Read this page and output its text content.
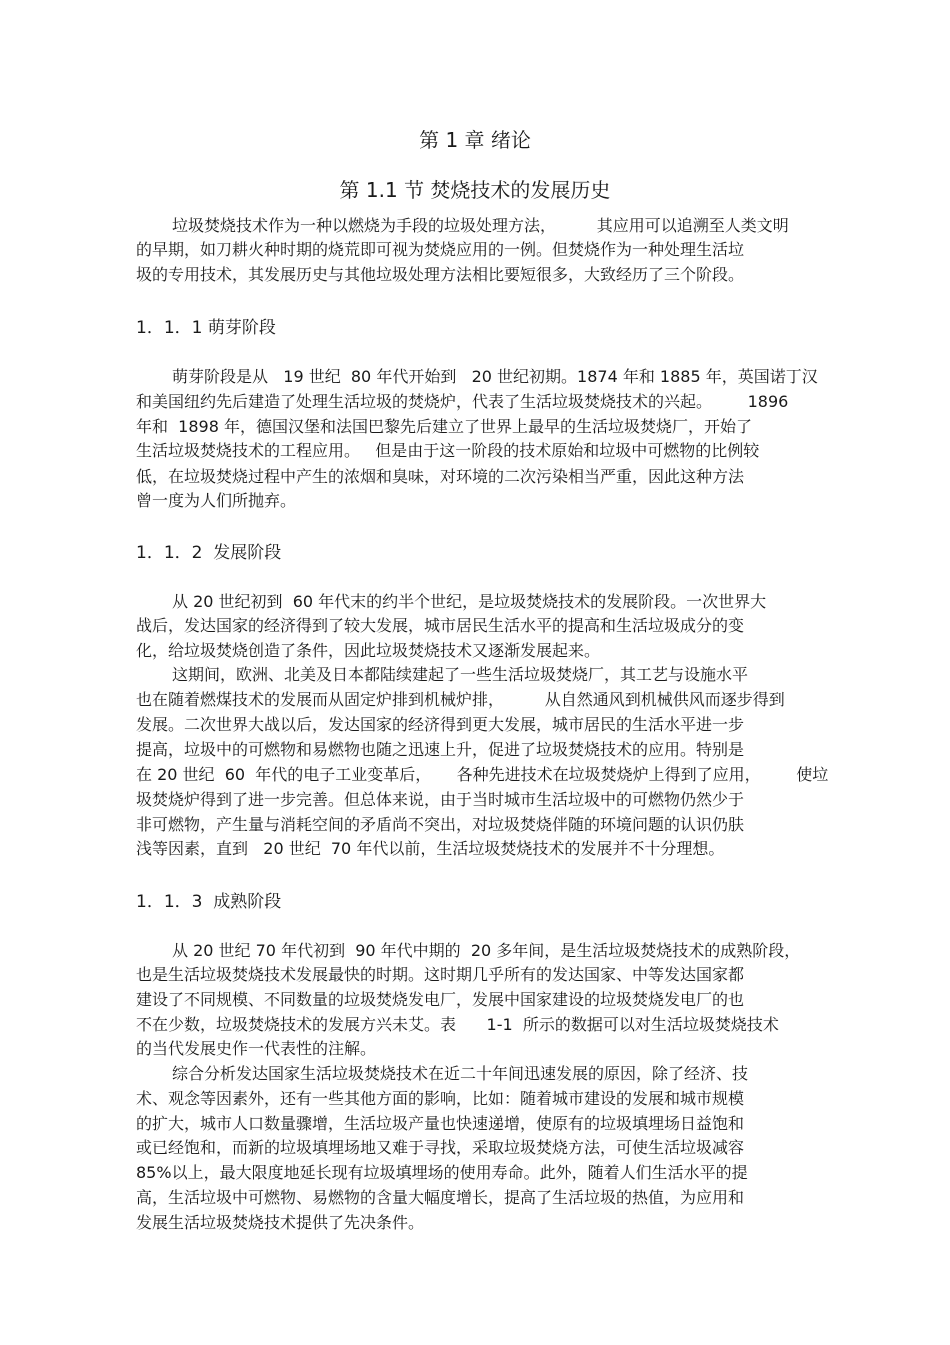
第 1 章 绪论
第 1.1 节 焚烧技术的发展历史

垃圾焚烧技术作为一种以燃烧为手段的垃圾处理方法，        其应用可以追溯至人类文明

的早期，如刀耕火种时期的烧荒即可视为焚烧应用的一例。但焚烧作为一种处理生活垃

圾的专用技术，其发展历史与其他垃圾处理方法相比要短很多，大致经历了三个阶段。

1．1．1 萌芽阶段

萌芽阶段是从   19 世纪  80 年代开始到   20 世纪初期。1874 年和 1885 年，英国诺丁汉

和美国纽约先后建造了处理生活垃圾的焚烧炉，代表了生活垃圾焚烧技术的兴起。       1896

年和  1898 年，德国汉堡和法国巴黎先后建立了世界上最早的生活垃圾焚烧厂，开始了

生活垃圾焚烧技术的工程应用。   但是由于这一阶段的技术原始和垃圾中可燃物的比例较

低，在垃圾焚烧过程中产生的浓烟和臭味，对环境的二次污染相当严重，因此这种方法

曾一度为人们所抛弃。

1．1．2  发展阶段

从 20 世纪初到  60 年代末的约半个世纪，是垃圾焚烧技术的发展阶段。一次世界大

战后，发达国家的经济得到了较大发展，城市居民生活水平的提高和生活垃圾成分的变

化，给垃圾焚烧创造了条件，因此垃圾焚烧技术又逐渐发展起来。

这期间，欧洲、北美及日本都陆续建起了一些生活垃圾焚烧厂，其工艺与设施水平

也在随着燃煤技术的发展而从固定炉排到机械炉排，        从自然通风到机械供风而逐步得到

发展。二次世界大战以后，发达国家的经济得到更大发展，城市居民的生活水平进一步

提高，垃圾中的可燃物和易燃物也随之迅速上升，促进了垃圾焚烧技术的应用。特别是

在 20 世纪  60  年代的电子工业变革后，     各种先进技术在垃圾焚烧炉上得到了应用，       使垃

圾焚烧炉得到了进一步完善。但总体来说，由于当时城市生活垃圾中的可燃物仍然少于

非可燃物，产生量与消耗空间的矛盾尚不突出，对垃圾焚烧伴随的环境问题的认识仍肤

浅等因素，直到   20 世纪  70 年代以前，生活垃圾焚烧技术的发展并不十分理想。

1．1．3  成熟阶段

从 20 世纪 70 年代初到  90 年代中期的  20 多年间，是生活垃圾焚烧技术的成熟阶段，

也是生活垃圾焚烧技术发展最快的时期。这时期几乎所有的发达国家、中等发达国家都

建设了不同规模、不同数量的垃圾焚烧发电厂，发展中国家建设的垃圾焚烧发电厂的也

不在少数，垃圾焚烧技术的发展方兴未艾。表      1-1  所示的数据可以对生活垃圾焚烧技术

的当代发展史作一代表性的注解。

综合分析发达国家生活垃圾焚烧技术在近二十年间迅速发展的原因，除了经济、技

术、观念等因素外，还有一些其他方面的影响，比如：随着城市建设的发展和城市规模

的扩大，城市人口数量骤增，生活垃圾产量也快速递增，使原有的垃圾填埋场日益饱和

或已经饱和，而新的垃圾填埋场地又难于寻找，采取垃圾焚烧方法，可使生活垃圾减容

85%以上，最大限度地延长现有垃圾填埋场的使用寿命。此外，随着人们生活水平的提

高，生活垃圾中可燃物、易燃物的含量大幅度增长，提高了生活垃圾的热值，为应用和

发展生活垃圾焚烧技术提供了先决条件。
